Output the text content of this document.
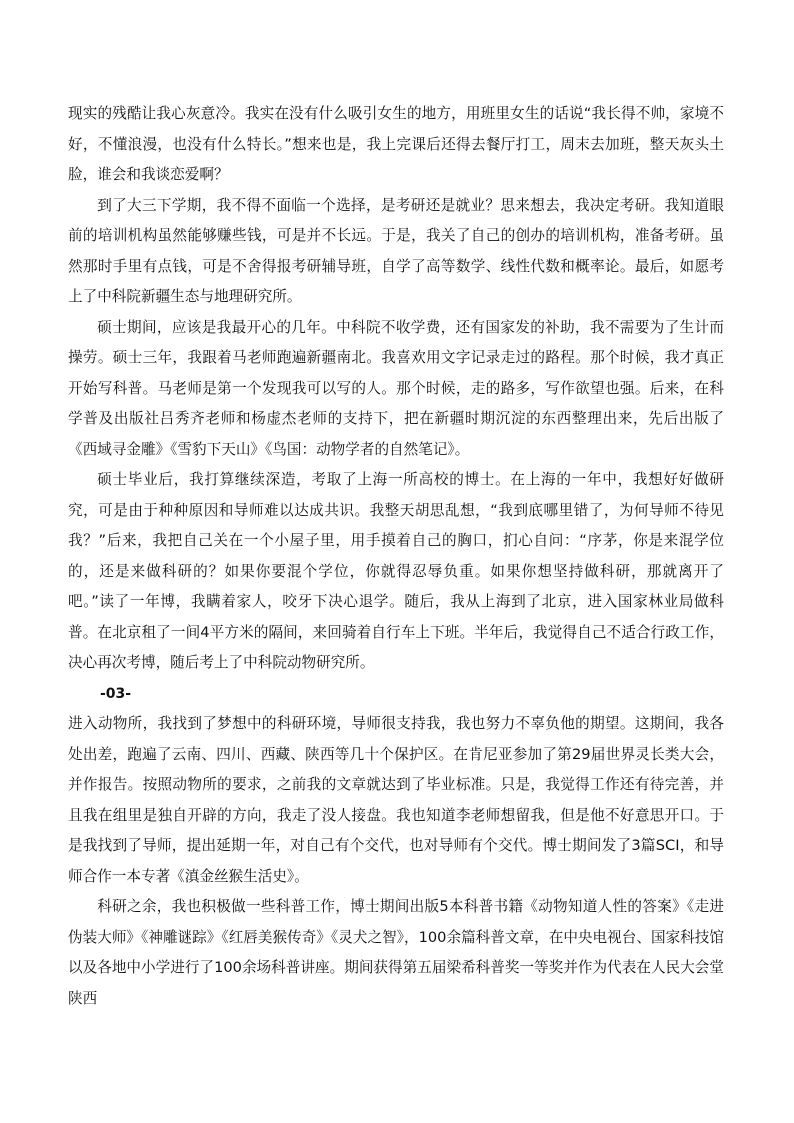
现实的残酷让我心灰意冷。我实在没有什么吸引女生的地方，用班里女生的话说“我长得不帅，家境不好，不懂浪漫，也没有什么特长。”想来也是，我上完课后还得去餐厅打工，周末去加班，整天灰头土脸，谁会和我谈恋爱啊？

到了大三下学期，我不得不面临一个选择，是考研还是就业？思来想去，我决定考研。我知道眼前的培训机构虽然能够赚些钱，可是并不长远。于是，我关了自己的创办的培训机构，准备考研。虽然那时手里有点钱，可是不舍得报考研辅导班，自学了高等数学、线性代数和概率论。最后，如愿考上了中科院新疆生态与地理研究所。

硕士期间，应该是我最开心的几年。中科院不收学费，还有国家发的补助，我不需要为了生计而操劳。硕士三年，我跟着马老师跑遍新疆南北。我喜欢用文字记录走过的路程。那个时候，我才真正开始写科普。马老师是第一个发现我可以写的人。那个时候，走的路多，写作欲望也强。后来，在科学普及出版社吕秀齐老师和杨虚杰老师的支持下，把在新疆时期沉淀的东西整理出来，先后出版了《西域寻金雕》《雪豹下天山》《鸟国：动物学者的自然笔记》。

硕士毕业后，我打算继续深造，考取了上海一所高校的博士。在上海的一年中，我想好好做研究，可是由于种种原因和导师难以达成共识。我整天胡思乱想，“我到底哪里错了，为何导师不待见我？”后来，我把自己关在一个小屋子里，用手摸着自己的胸口，扪心自问：“序茅，你是来混学位的，还是来做科研的？如果你要混个学位，你就得忍辱负重。如果你想坚持做科研，那就离开了吧。”读了一年博，我瞒着家人，咬牙下决心退学。随后，我从上海到了北京，进入国家林业局做科普。在北京租了一间4平方米的隔间，来回骑着自行车上下班。半年后，我觉得自己不适合行政工作，决心再次考博，随后考上了中科院动物研究所。

-03-

进入动物所，我找到了梦想中的科研环境，导师很支持我，我也努力不辜负他的期望。这期间，我各处出差，跑遍了云南、四川、西藏、陕西等几十个保护区。在肯尼亚参加了第29届世界灵长类大会，并作报告。按照动物所的要求，之前我的文章就达到了毕业标准。只是，我觉得工作还有待完善，并且我在组里是独自开辟的方向，我走了没人接盘。我也知道李老师想留我，但是他不好意思开口。于是我找到了导师，提出延期一年，对自己有个交代，也对导师有个交代。博士期间发了3篇SCI，和导师合作一本专著《滇金丝猴生活史》。

科研之余，我也积极做一些科普工作，博士期间出版5本科普书籍《动物知道人性的答案》《走进伪装大师》《神雕谜踪》《红唇美猴传奇》《灵犬之智》，100余篇科普文章，在中央电视台、国家科技馆以及各地中小学进行了100余场科普讲座。期间获得第五届梁希科普奖一等奖并作为代表在人民大会堂陕西
